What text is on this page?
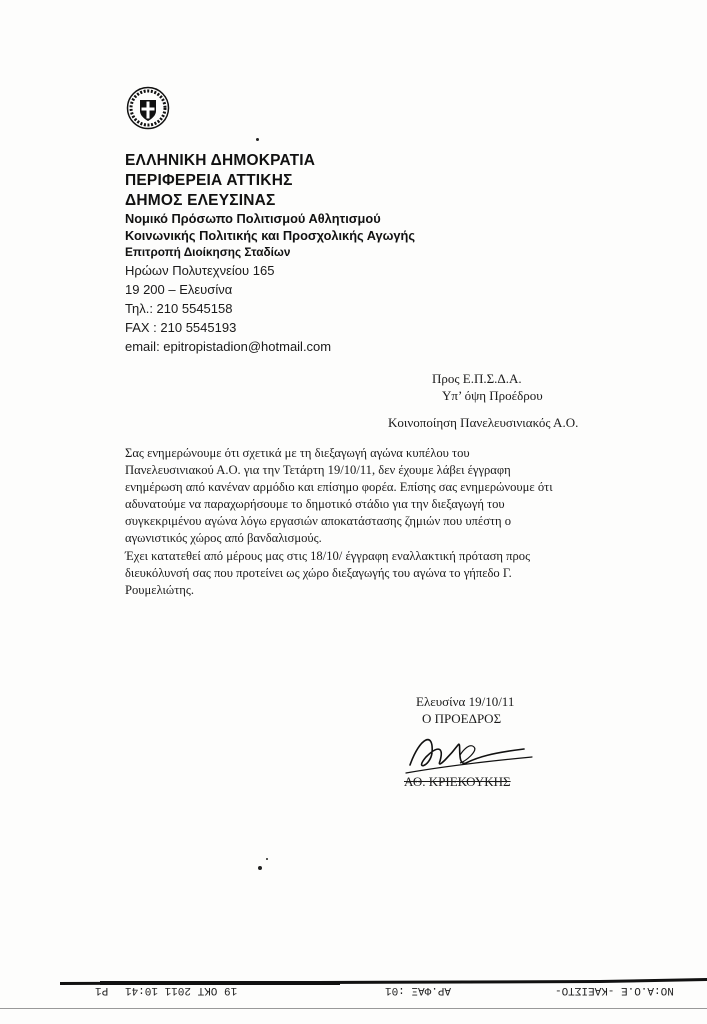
ΕΛΛΗΝΙΚΗ ΔΗΜΟΚΡΑΤΙΑ
ΠΕΡΙΦΕΡΕΙΑ ΑΤΤΙΚΗΣ
ΔΗΜΟΣ ΕΛΕΥΣΙΝΑΣ
Νομικό Πρόσωπο Πολιτισμού Αθλητισμού
Κοινωνικής Πολιτικής και Προσχολικής Αγωγής
Επιτροπή Διοίκησης Σταδίων
Ηρώων Πολυτεχνείου 165
19 200 – Ελευσίνα
Τηλ.: 210 5545158
FAX : 210 5545193
email: epitropistadion@hotmail.com
Προς Ε.Π.Σ.Δ.Α.
Υπ’ όψη Προέδρου
Κοινοποίηση Πανελευσινιακός Α.Ο.
Σας ενημερώνουμε ότι σχετικά με τη διεξαγωγή αγώνα κυπέλου του
Πανελευσινιακού Α.Ο. για την Τετάρτη 19/10/11, δεν έχουμε λάβει έγγραφη
ενημέρωση από κανέναν αρμόδιο και επίσημο φορέα. Επίσης σας ενημερώνουμε ότι
αδυνατούμε να παραχωρήσουμε το δημοτικό στάδιο για την διεξαγωγή του
συγκεκριμένου αγώνα λόγω εργασιών αποκατάστασης ζημιών που υπέστη ο
αγωνιστικός χώρος από βανδαλισμούς.
Έχει κατατεθεί από μέρους μας στις 18/10/ έγγραφη εναλλακτική πρόταση προς
διευκόλυνσή σας που προτείνει ως χώρο διεξαγωγής του αγώνα το γήπεδο Γ.
Ρουμελιώτης.
Ελευσίνα 19/10/11
Ο ΠΡΟΕΔΡΟΣ
ΑΘ. ΚΡΙΕΚΟΥΚΗΣ
P1 19 OKT 2011 10:41	AP.ΦΑΞ :01	NO:A.O.E -ΚΑΕΙΣΤΟ-
